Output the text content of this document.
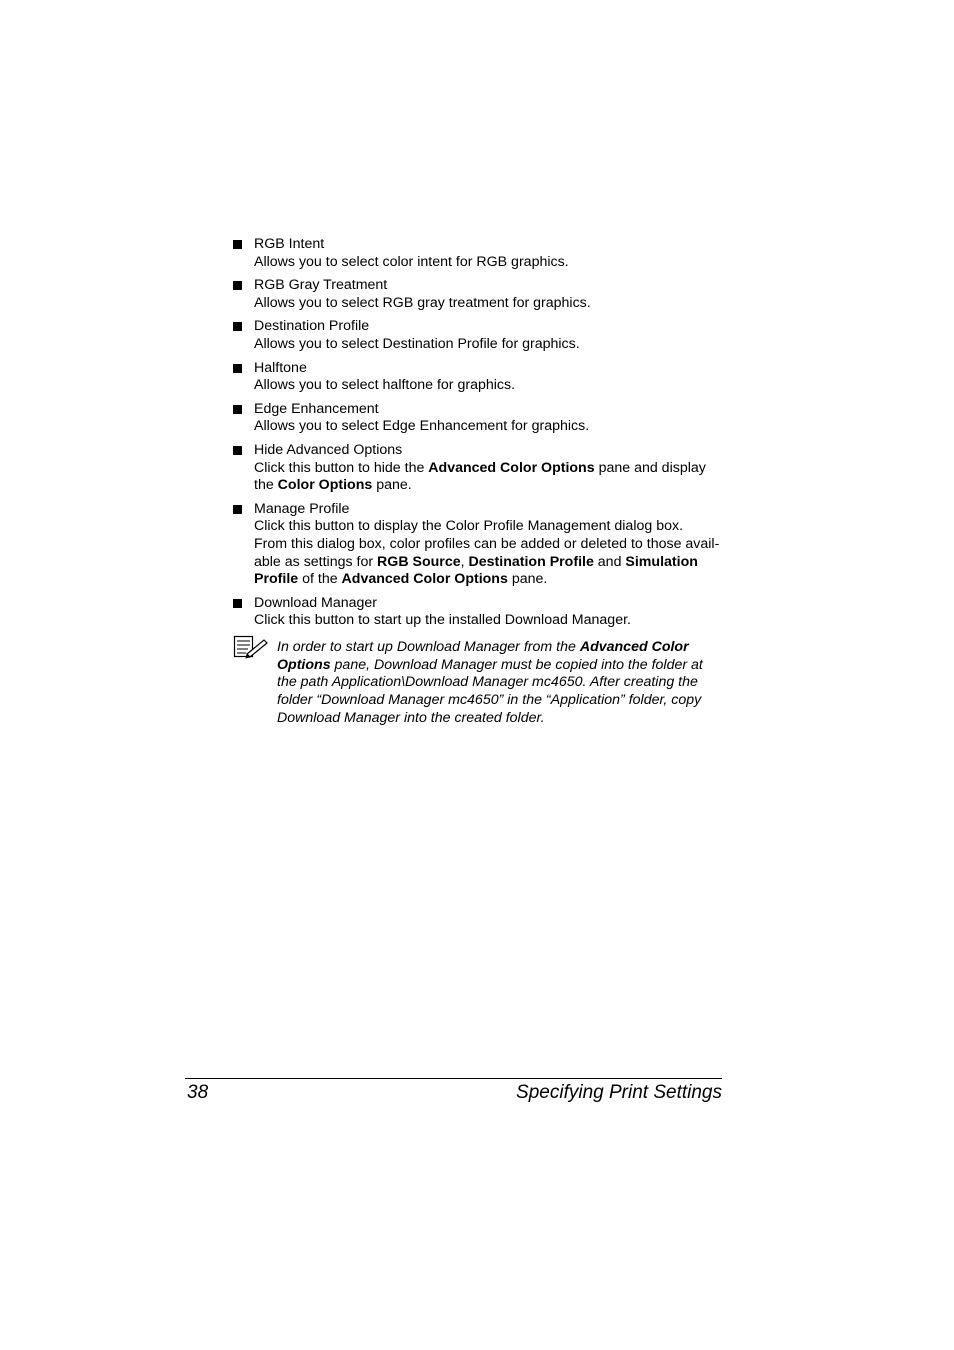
RGB Intent
Allows you to select color intent for RGB graphics.
RGB Gray Treatment
Allows you to select RGB gray treatment for graphics.
Destination Profile
Allows you to select Destination Profile for graphics.
Halftone
Allows you to select halftone for graphics.
Edge Enhancement
Allows you to select Edge Enhancement for graphics.
Hide Advanced Options
Click this button to hide the Advanced Color Options pane and display
the Color Options pane.
Manage Profile
Click this button to display the Color Profile Management dialog box.
From this dialog box, color profiles can be added or deleted to those avail-
able as settings for RGB Source, Destination Profile and Simulation
Profile of the Advanced Color Options pane.
Download Manager
Click this button to start up the installed Download Manager.
In order to start up Download Manager from the Advanced Color
Options pane, Download Manager must be copied into the folder at
the path Application\Download Manager mc4650. After creating the
folder “Download Manager mc4650” in the “Application” folder, copy
Download Manager into the created folder.
38	Specifying Print Settings
